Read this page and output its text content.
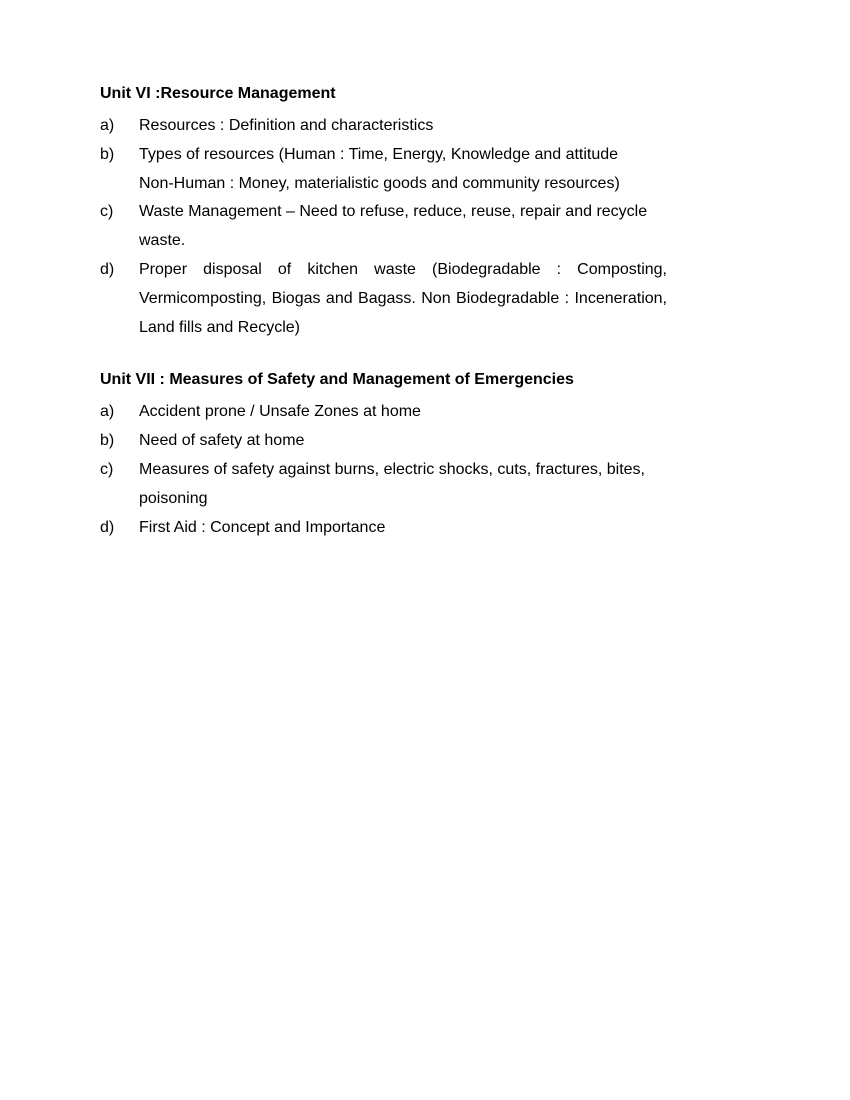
Unit VI :Resource Management
a)	Resources : Definition and characteristics
b)	Types of resources (Human : Time, Energy, Knowledge and attitude
Non-Human : Money, materialistic goods and community resources)
c)	Waste Management – Need to refuse, reduce, reuse, repair and recycle waste.
d)	Proper disposal of kitchen waste (Biodegradable : Composting, Vermicomposting, Biogas and Bagass. Non Biodegradable : Inceneration, Land fills and Recycle)
Unit VII : Measures of Safety and Management of Emergencies
a)	Accident prone / Unsafe Zones at home
b)	Need of safety at home
c)	Measures of safety against burns, electric shocks, cuts, fractures, bites, poisoning
d)	First Aid : Concept and Importance
